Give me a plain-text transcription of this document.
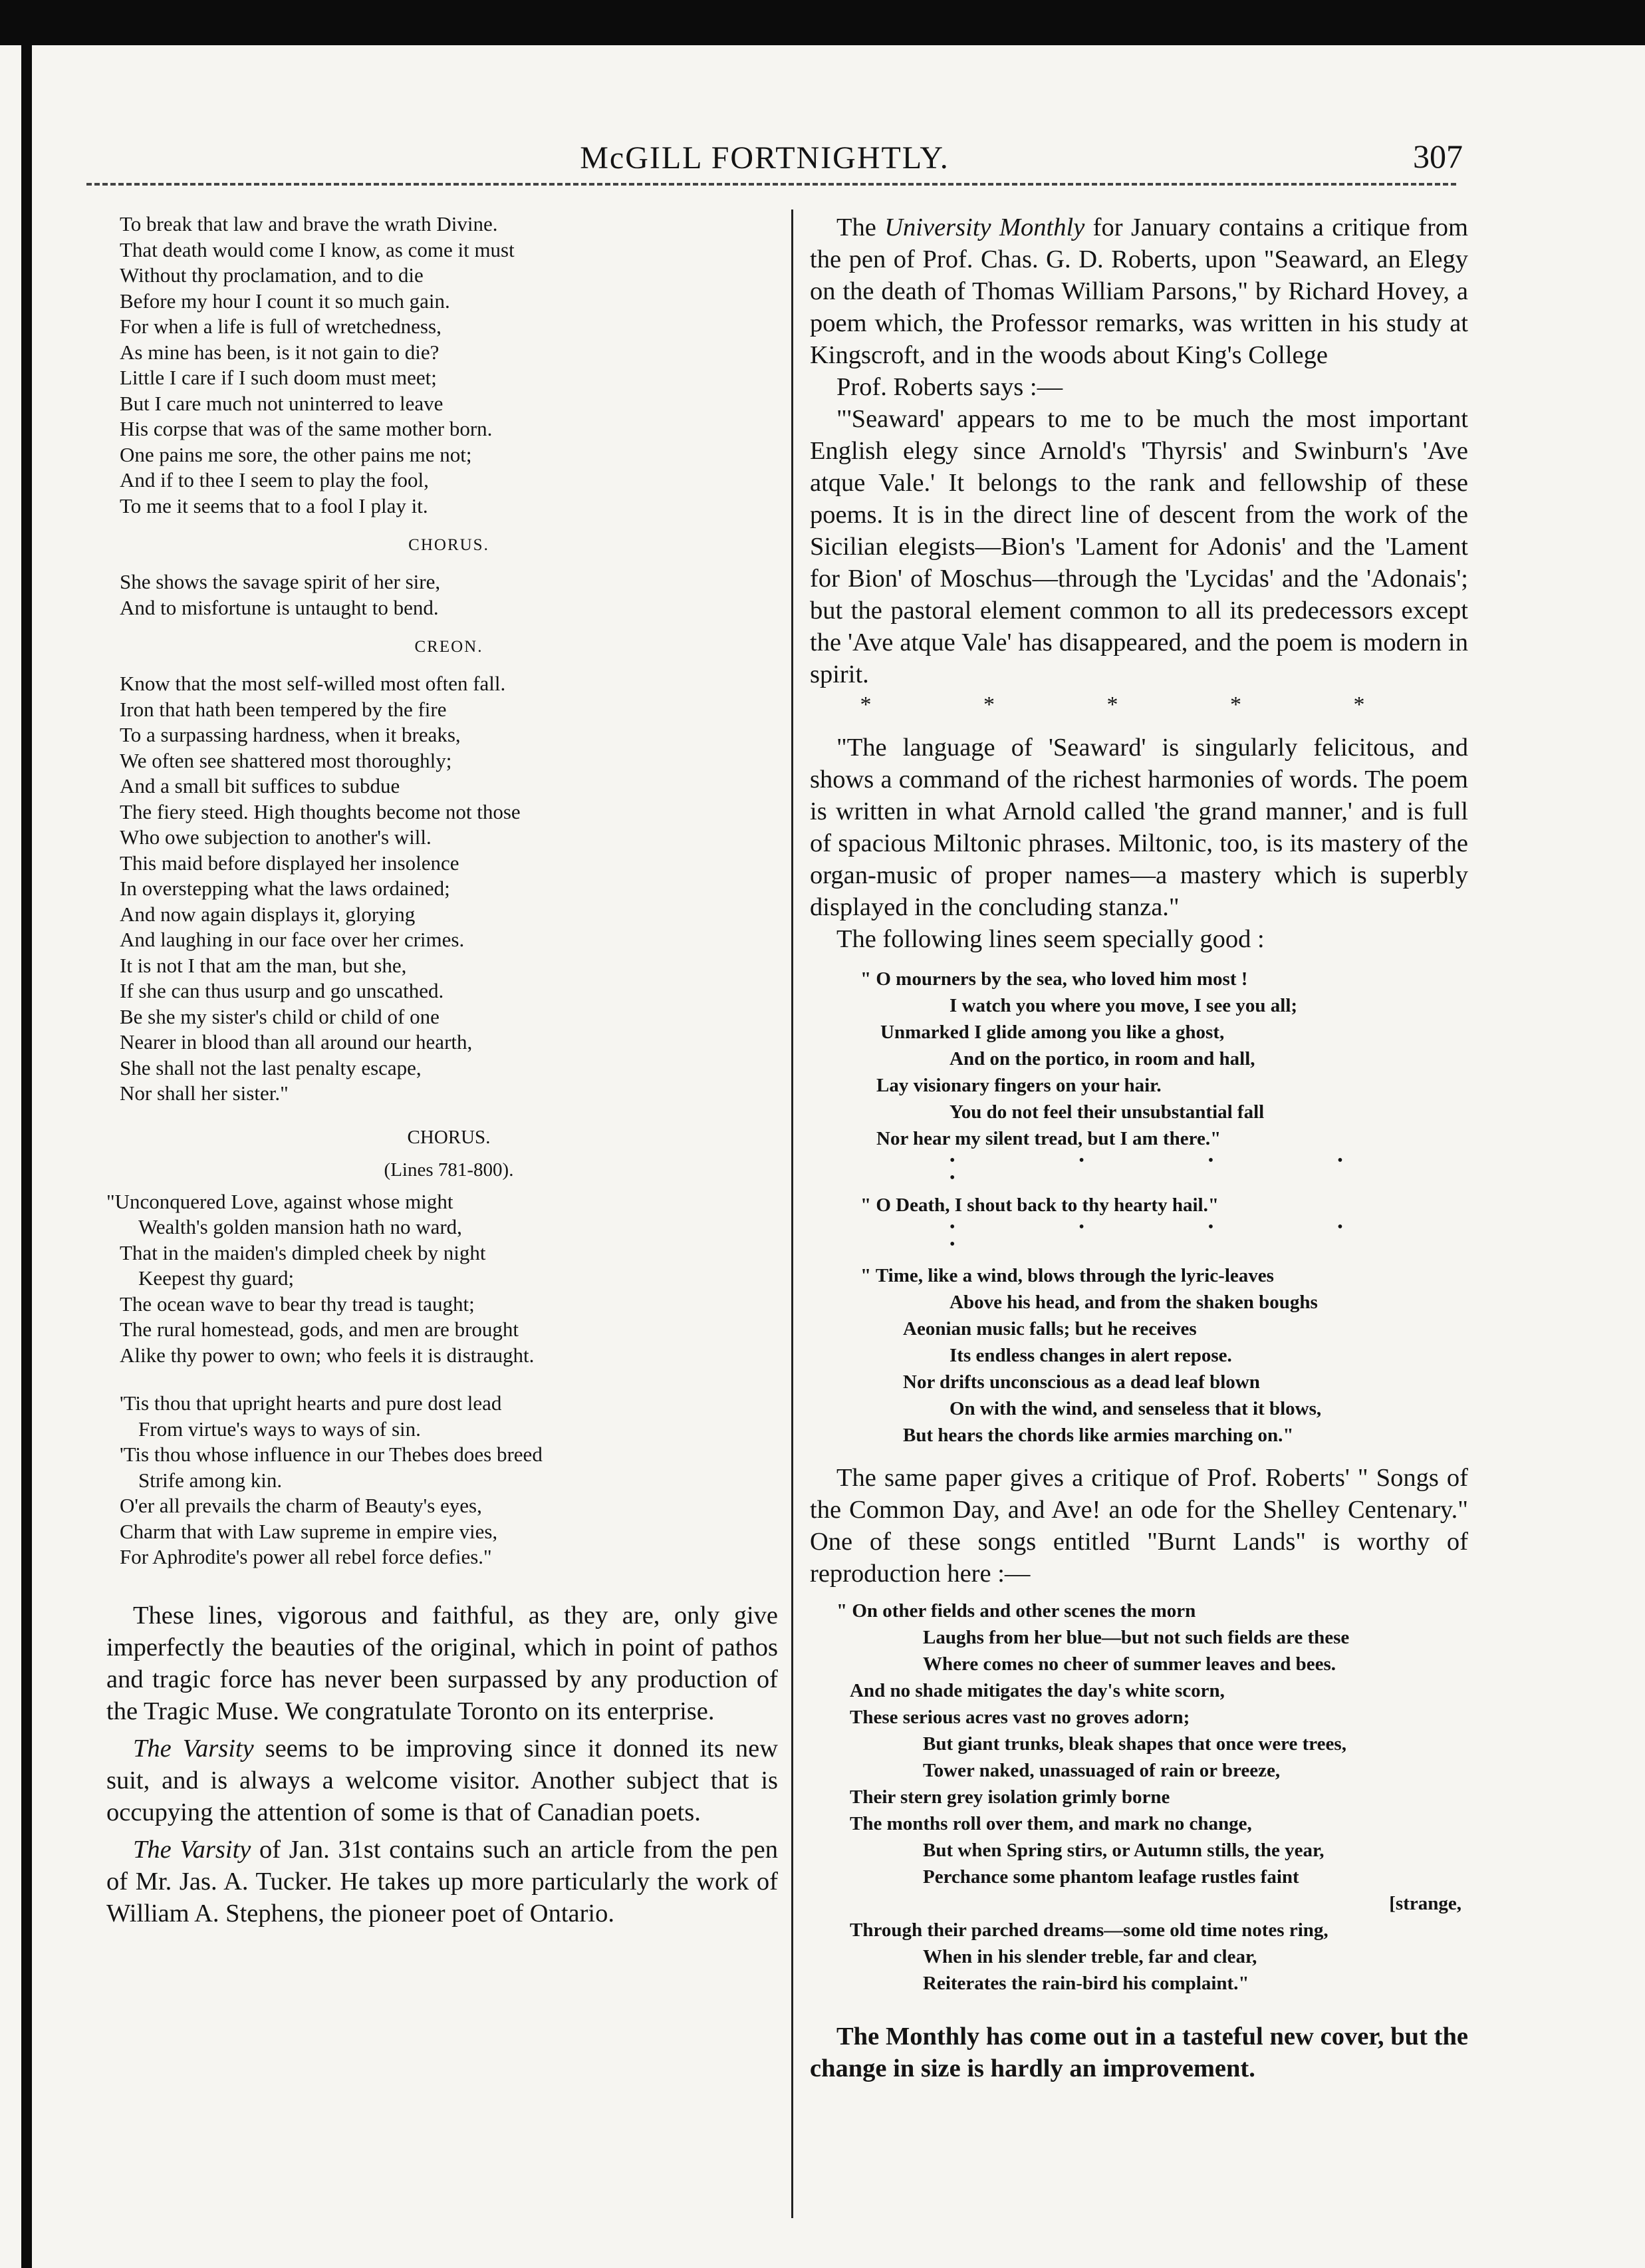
McGILL FORTNIGHTLY.	307
To break that law and brave the wrath Divine.
That death would come I know, as come it must
Without thy proclamation, and to die
Before my hour I count it so much gain.
For when a life is full of wretchedness,
As mine has been, is it not gain to die?
Little I care if I such doom must meet;
But I care much not uninterred to leave
His corpse that was of the same mother born.
One pains me sore, the other pains me not;
And if to thee I seem to play the fool,
To me it seems that to a fool I play it.
CHORUS.
She shows the savage spirit of her sire,
And to misfortune is untaught to bend.
CREON.
Know that the most self-willed most often fall.
Iron that hath been tempered by the fire
To a surpassing hardness, when it breaks,
We often see shattered most thoroughly;
And a small bit suffices to subdue
The fiery steed. High thoughts become not those
Who owe subjection to another's will.
This maid before displayed her insolence
In overstepping what the laws ordained;
And now again displays it, glorying
And laughing in our face over her crimes.
It is not I that am the man, but she,
If she can thus usurp and go unscathed.
Be she my sister's child or child of one
Nearer in blood than all around our hearth,
She shall not the last penalty escape,
Nor shall her sister."
CHORUS.
(Lines 781-800).
"Unconquered Love, against whose might
Wealth's golden mansion hath no ward,
That in the maiden's dimpled cheek by night
Keepest thy guard;
The ocean wave to bear thy tread is taught;
The rural homestead, gods, and men are brought
Alike thy power to own; who feels it is distraught.
'Tis thou that upright hearts and pure dost lead
From virtue's ways to ways of sin.
'Tis thou whose influence in our Thebes does breed
Strife among kin.
O'er all prevails the charm of Beauty's eyes,
Charm that with Law supreme in empire vies,
For Aphrodite's power all rebel force defies."

These lines, vigorous and faithful, as they are, only give imperfectly the beauties of the original, which in point of pathos and tragic force has never been surpassed by any production of the Tragic Muse. We congratulate Toronto on its enterprise.

The Varsity seems to be improving since it donned its new suit, and is always a welcome visitor. Another subject that is occupying the attention of some is that of Canadian poets.

The Varsity of Jan. 31st contains such an article from the pen of Mr. Jas. A. Tucker. He takes up more particularly the work of William A. Stephens, the pioneer poet of Ontario.

The University Monthly for January contains a critique from the pen of Prof. Chas. G. D. Roberts, upon "Seaward, an Elegy on the death of Thomas William Parsons," by Richard Hovey, a poem which, the Professor remarks, was written in his study at Kingscroft, and in the woods about King's College

Prof. Roberts says :—

"'Seaward' appears to me to be much the most important English elegy since Arnold's 'Thyrsis' and Swinburn's 'Ave atque Vale.' It belongs to the rank and fellowship of these poems. It is in the direct line of descent from the work of the Sicilian elegists—Bion's 'Lament for Adonis' and the 'Lament for Bion' of Moschus—through the 'Lycidas' and the 'Adonais'; but the pastoral element common to all its predecessors except the 'Ave atque Vale' has disappeared, and the poem is modern in spirit.

* * * * *

"The language of 'Seaward' is singularly felicitous, and shows a command of the richest harmonies of words. The poem is written in what Arnold called 'the grand manner,' and is full of spacious Miltonic phrases. Miltonic, too, is its mastery of the organ-music of proper names—a mastery which is superbly displayed in the concluding stanza."

The following lines seem specially good :

" O mourners by the sea, who loved him most !
I watch you where you move, I see you all;
Unmarked I glide among you like a ghost,
And on the portico, in room and hall,
Lay visionary fingers on your hair.
You do not feel their unsubstantial fall
Nor hear my silent tread, but I am there."
• • • • •
" O Death, I shout back to thy hearty hail."
• • • • •
" Time, like a wind, blows through the lyric-leaves
Above his head, and from the shaken boughs
Aeonian music falls; but he receives
Its endless changes in alert repose.
Nor drifts unconscious as a dead leaf blown
On with the wind, and senseless that it blows,
But hears the chords like armies marching on."

The same paper gives a critique of Prof. Roberts' " Songs of the Common Day, and Ave! an ode for the Shelley Centenary." One of these songs entitled "Burnt Lands" is worthy of reproduction here :—

" On other fields and other scenes the morn
Laughs from her blue—but not such fields are these
Where comes no cheer of summer leaves and bees.
And no shade mitigates the day's white scorn,
These serious acres vast no groves adorn;
But giant trunks, bleak shapes that once were trees,
Tower naked, unassuaged of rain or breeze,
Their stern grey isolation grimly borne
The months roll over them, and mark no change,
But when Spring stirs, or Autumn stills, the year,
Perchance some phantom leafage rustles faint
[strange,
Through their parched dreams—some old time notes ring,
When in his slender treble, far and clear,
Reiterates the rain-bird his complaint."

The Monthly has come out in a tasteful new cover, but the change in size is hardly an improvement.
